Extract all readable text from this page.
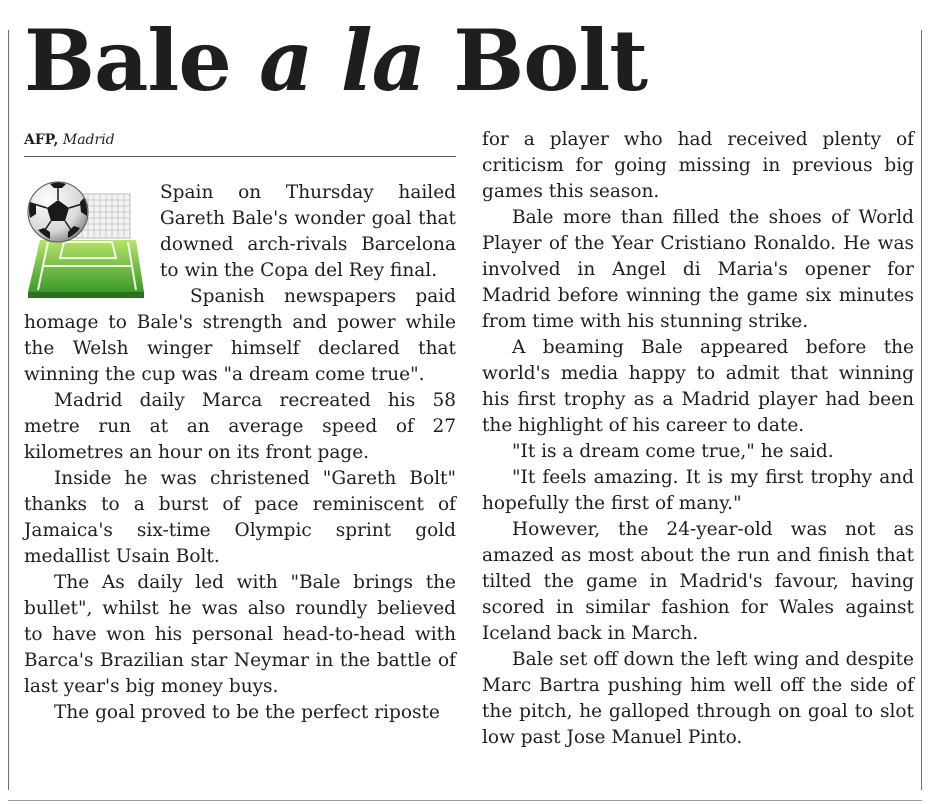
Bale a la Bolt
AFP, Madrid

Spain on Thursday hailed Gareth Bale's wonder goal that downed arch-rivals Barcelona to win the Copa del Rey final.

Spanish newspapers paid homage to Bale's strength and power while the Welsh winger himself declared that winning the cup was "a dream come true".

Madrid daily Marca recreated his 58 metre run at an average speed of 27 kilometres an hour on its front page.

Inside he was christened "Gareth Bolt" thanks to a burst of pace reminiscent of Jamaica's six-time Olympic sprint gold medallist Usain Bolt.

The As daily led with "Bale brings the bullet", whilst he was also roundly believed to have won his personal head-to-head with Barca's Brazilian star Neymar in the battle of last year's big money buys.

The goal proved to be the perfect riposte

for a player who had received plenty of criticism for going missing in previous big games this season.

Bale more than filled the shoes of World Player of the Year Cristiano Ronaldo. He was involved in Angel di Maria's opener for Madrid before winning the game six minutes from time with his stunning strike.

A beaming Bale appeared before the world's media happy to admit that winning his first trophy as a Madrid player had been the highlight of his career to date.

"It is a dream come true," he said.

"It feels amazing. It is my first trophy and hopefully the first of many."

However, the 24-year-old was not as amazed as most about the run and finish that tilted the game in Madrid's favour, having scored in similar fashion for Wales against Iceland back in March.

Bale set off down the left wing and despite Marc Bartra pushing him well off the side of the pitch, he galloped through on goal to slot low past Jose Manuel Pinto.
